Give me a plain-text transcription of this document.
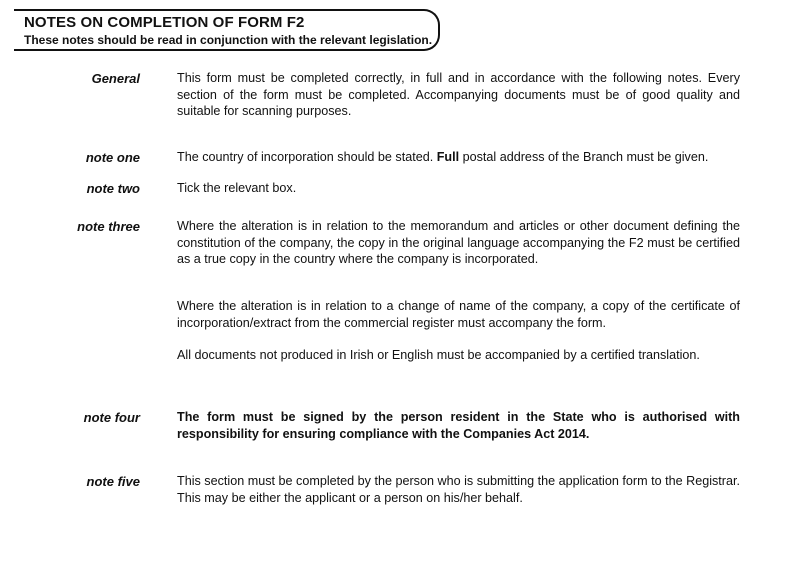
NOTES ON COMPLETION OF FORM F2
These notes should be read in conjunction with the relevant legislation.
General	This form must be completed correctly, in full and in accordance with the following notes. Every section of the form must be completed. Accompanying documents must be of good quality and suitable for scanning purposes.
note one	The country of incorporation should be stated. Full postal address of the Branch must be given.
note two	Tick the relevant box.
note three	Where the alteration is in relation to the memorandum and articles or other document defining the constitution of the company, the copy in the original language accompanying the F2 must be certified as a true copy in the country where the company is incorporated.
Where the alteration is in relation to a change of name of the company, a copy of the certificate of incorporation/extract from the commercial register must accompany the form.
All documents not produced in Irish or English must be accompanied by a certified translation.
note four	The form must be signed by the person resident in the State who is authorised with responsibility for ensuring compliance with the Companies Act 2014.
note five	This section must be completed by the person who is submitting the application form to the Registrar. This may be either the applicant or a person on his/her behalf.
